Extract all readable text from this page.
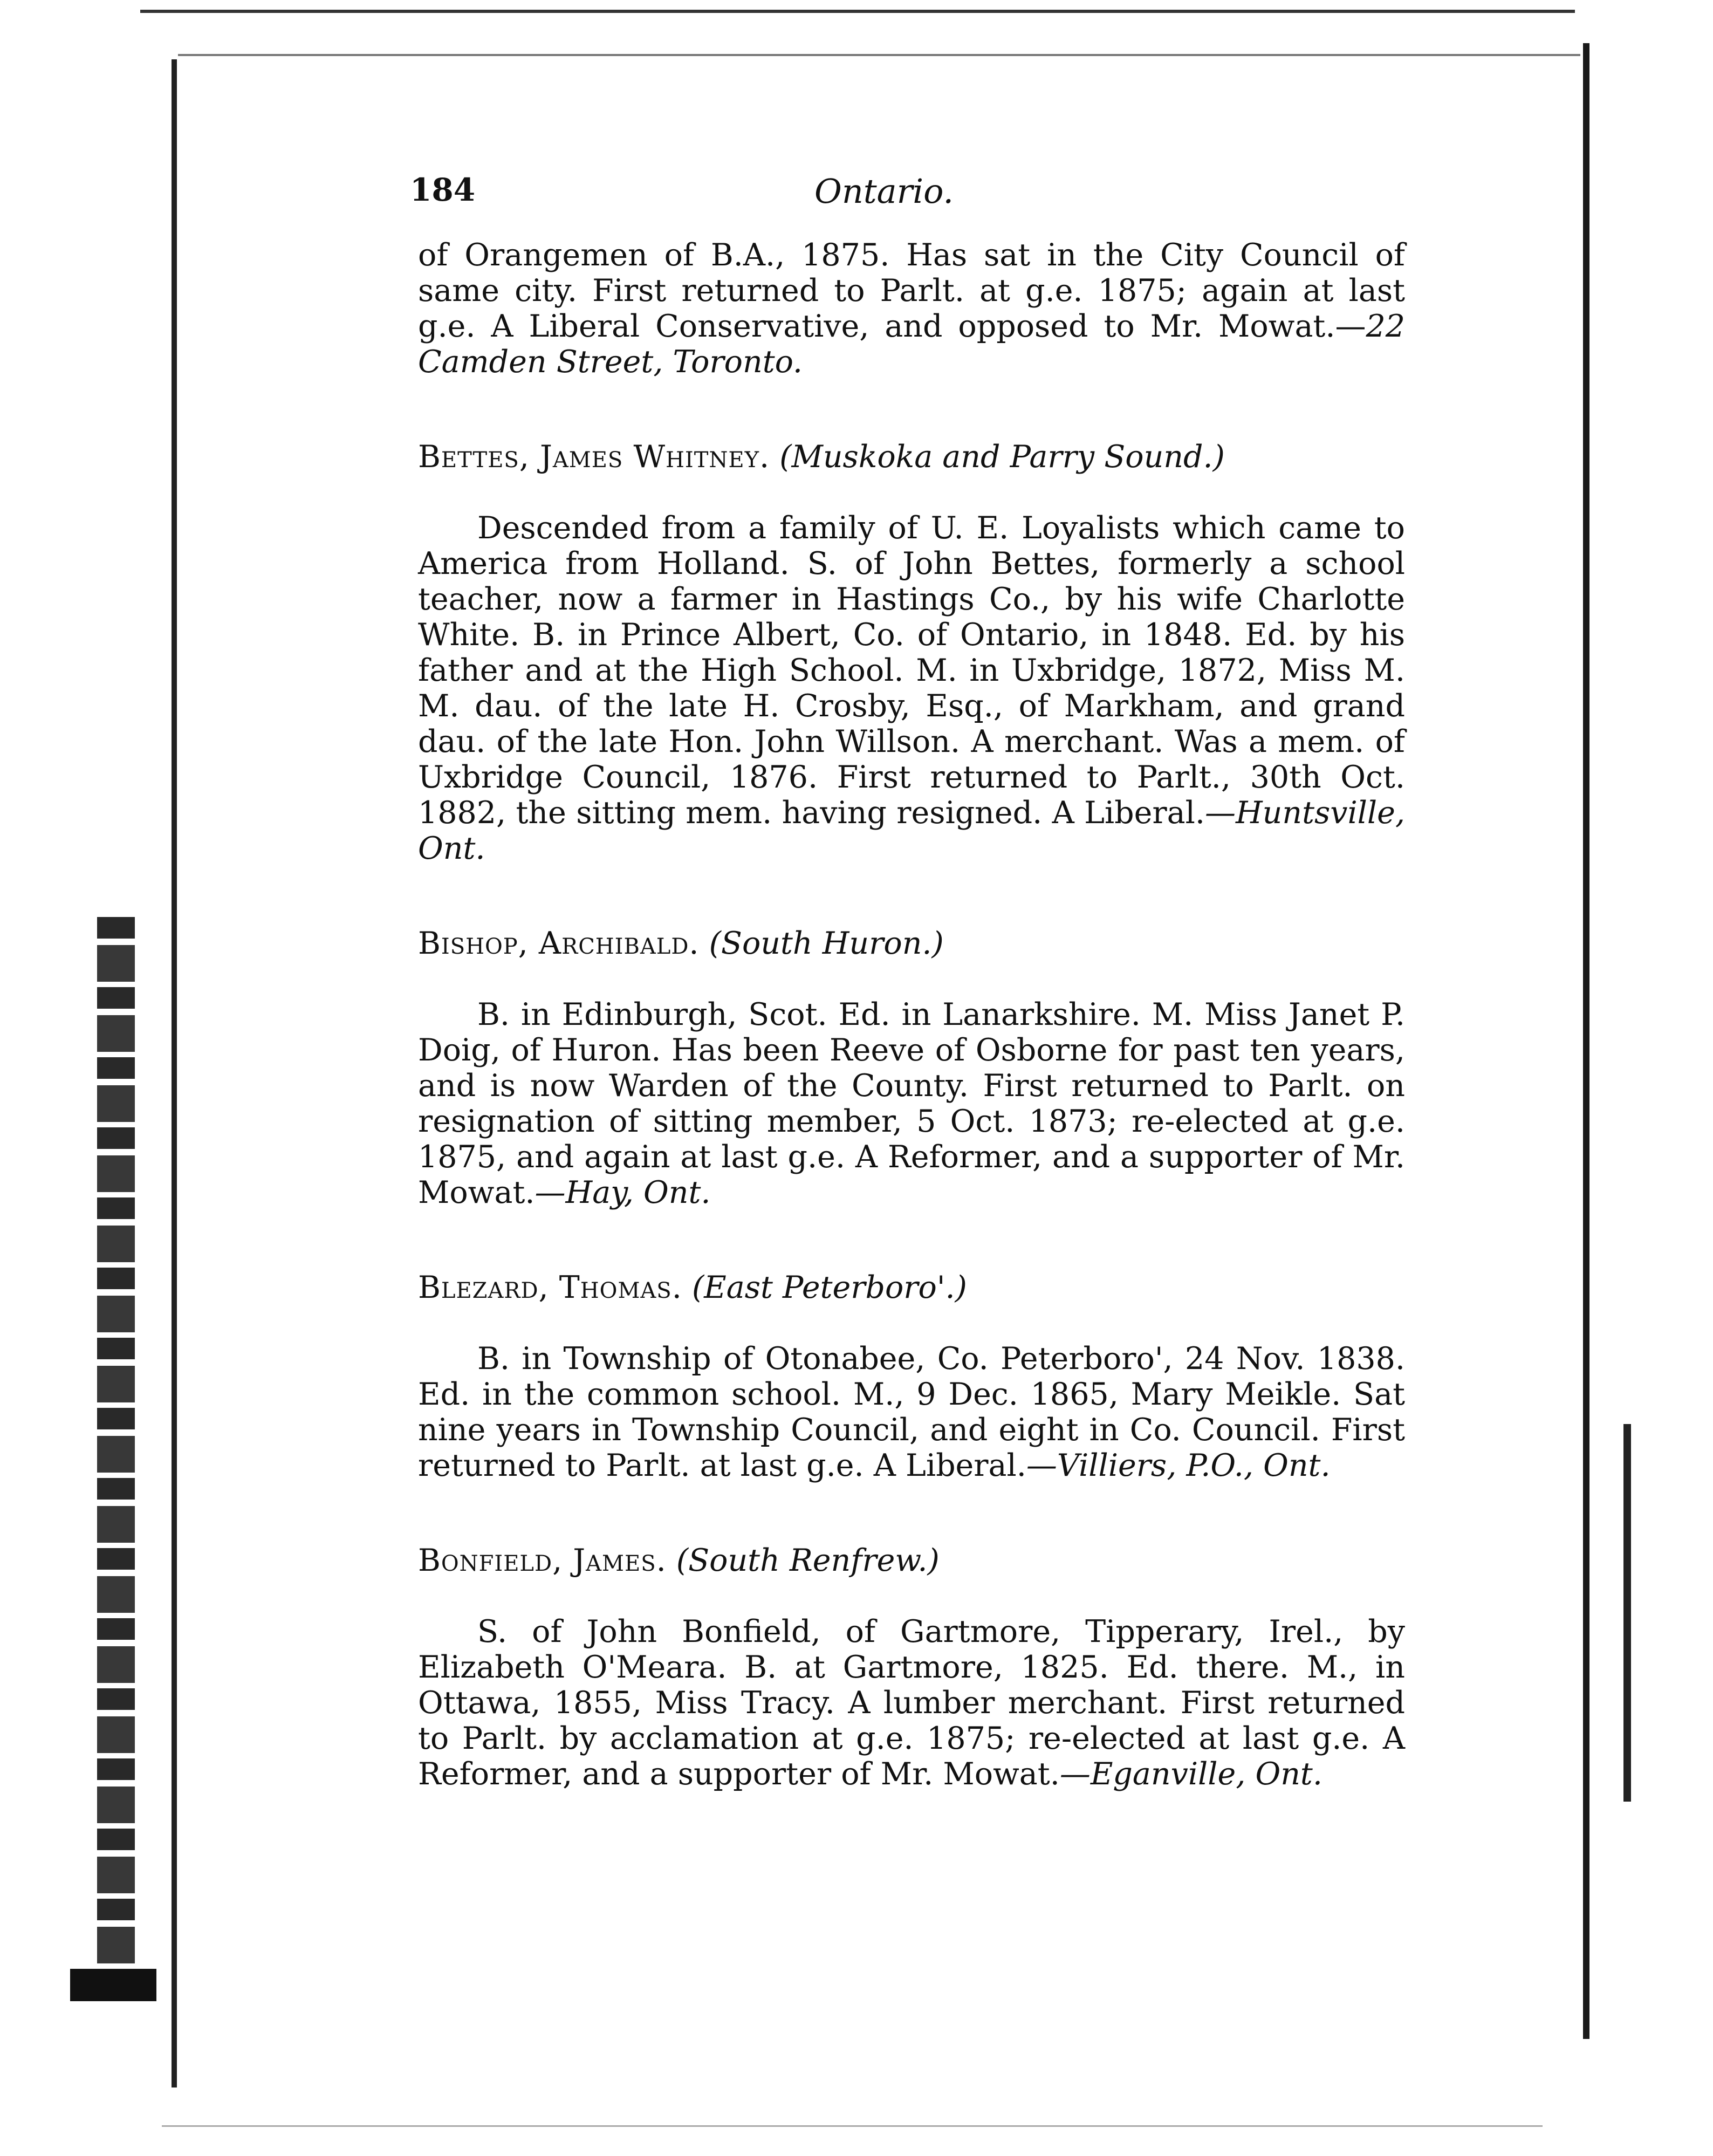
184	Ontario.

of Orangemen of B.A., 1875. Has sat in the City Council of same city. First returned to Parlt. at g.e. 1875; again at last g.e. A Liberal Conservative, and opposed to Mr. Mowat.—22 Camden Street, Toronto.

Bettes, James Whitney. (Muskoka and Parry Sound.)

Descended from a family of U. E. Loyalists which came to America from Holland. S. of John Bettes, formerly a school teacher, now a farmer in Hastings Co., by his wife Charlotte White. B. in Prince Albert, Co. of Ontario, in 1848. Ed. by his father and at the High School. M. in Uxbridge, 1872, Miss M. M. dau. of the late H. Crosby, Esq., of Markham, and grand dau. of the late Hon. John Willson. A merchant. Was a mem. of Uxbridge Council, 1876. First returned to Parlt., 30th Oct. 1882, the sitting mem. having resigned. A Liberal.—Huntsville, Ont.

Bishop, Archibald. (South Huron.)

B. in Edinburgh, Scot. Ed. in Lanarkshire. M. Miss Janet P. Doig, of Huron. Has been Reeve of Osborne for past ten years, and is now Warden of the County. First returned to Parlt. on resignation of sitting member, 5 Oct. 1873; re-elected at g.e. 1875, and again at last g.e. A Reformer, and a supporter of Mr. Mowat.—Hay, Ont.

Blezard, Thomas. (East Peterboro'.)

B. in Township of Otonabee, Co. Peterboro', 24 Nov. 1838. Ed. in the common school. M., 9 Dec. 1865, Mary Meikle. Sat nine years in Township Council, and eight in Co. Council. First returned to Parlt. at last g.e. A Liberal.—Villiers, P.O., Ont.

Bonfield, James. (South Renfrew.)

S. of John Bonfield, of Gartmore, Tipperary, Irel., by Elizabeth O'Meara. B. at Gartmore, 1825. Ed. there. M., in Ottawa, 1855, Miss Tracy. A lumber merchant. First returned to Parlt. by acclamation at g.e. 1875; re-elected at last g.e. A Reformer, and a supporter of Mr. Mowat.—Eganville, Ont.
